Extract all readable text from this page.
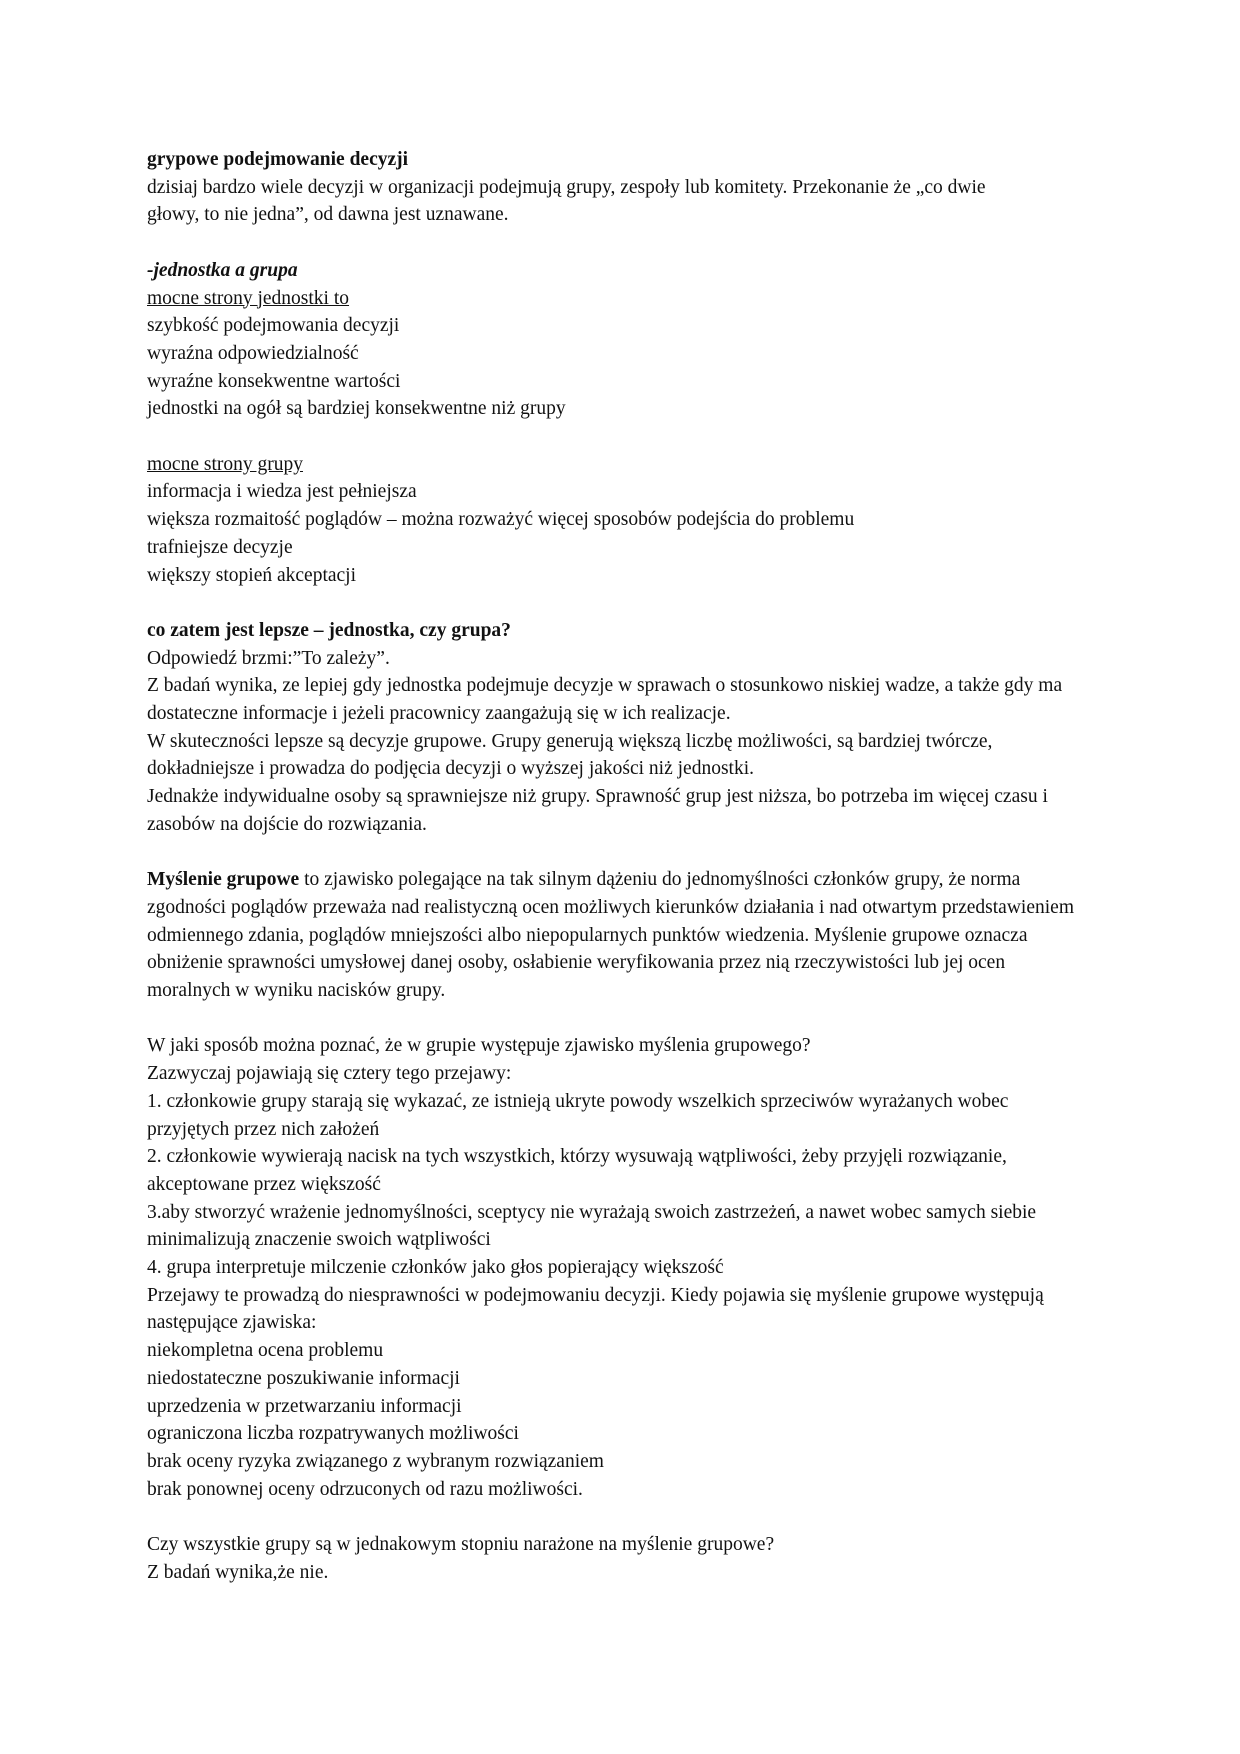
grypowe podejmowanie decyzji
dzisiaj bardzo wiele decyzji w organizacji podejmują grupy, zespoły lub komitety. Przekonanie że „co dwie głowy, to nie jedna”, od dawna jest uznawane.
-jednostka a grupa
mocne strony jednostki to
szybkość podejmowania decyzji
wyraźna odpowiedzialność
wyraźne konsekwentne wartości
jednostki na ogół są bardziej konsekwentne niż grupy
mocne strony grupy
informacja i wiedza jest pełniejsza
większa rozmaitość poglądów – można rozważyć więcej sposobów podejścia do problemu
trafniejsze decyzje
większy stopień akceptacji
co zatem jest lepsze – jednostka, czy grupa?
Odpowiedź brzmi:”To zależy”.
Z badań wynika, ze lepiej gdy jednostka podejmuje decyzje w sprawach o stosunkowo niskiej wadze, a także gdy ma dostateczne informacje i jeżeli pracownicy zaangażują się w ich realizacje.
W skuteczności lepsze są decyzje grupowe. Grupy generują większą liczbę możliwości, są bardziej twórcze, dokładniejsze i prowadza do podjęcia decyzji o wyższej jakości niż jednostki.
Jednakże indywidualne osoby są sprawniejsze niż grupy. Sprawność grup jest niższa, bo potrzeba im więcej czasu i zasobów na dojście do rozwiązania.
Myślenie grupowe to zjawisko polegające na tak silnym dążeniu do jednomyślności członków grupy, że norma zgodności poglądów przeważa nad realistyczną ocen możliwych kierunków działania i nad otwartym przedstawieniem odmiennego zdania, poglądów mniejszości albo niepopularnych punktów wiedzenia. Myślenie grupowe oznacza obniżenie sprawności umysłowej danej osoby, osłabienie weryfikowania przez nią rzeczywistości lub jej ocen moralnych w wyniku nacisków grupy.
W jaki sposób można poznać, że w grupie występuje zjawisko myślenia grupowego?
Zazwyczaj pojawiają się cztery tego przejawy:
1. członkowie grupy starają się wykazać, ze istnieją ukryte powody wszelkich sprzeciwów wyrażanych wobec przyjętych przez nich założeń
2. członkowie wywierają nacisk na tych wszystkich, którzy wysuwają wątpliwości, żeby przyjęli rozwiązanie, akceptowane przez większość
3.aby stworzyć wrażenie jednomyślności, sceptycy nie wyrażają swoich zastrzeżeń, a nawet wobec samych siebie minimalizują znaczenie swoich wątpliwości
4. grupa interpretuje milczenie członków jako głos popierający większość
Przejawy te prowadzą do niesprawności w podejmowaniu decyzji. Kiedy pojawia się myślenie grupowe występują następujące zjawiska:
niekompletna ocena problemu
niedostateczne poszukiwanie informacji
uprzedzenia w przetwarzaniu informacji
ograniczona liczba rozpatrywanych możliwości
brak oceny ryzyka związanego z wybranym rozwiązaniem
brak ponownej oceny odrzuconych od razu możliwości.
Czy wszystkie grupy są w jednakowym stopniu narażone na myślenie grupowe?
Z badań wynika,że nie.
